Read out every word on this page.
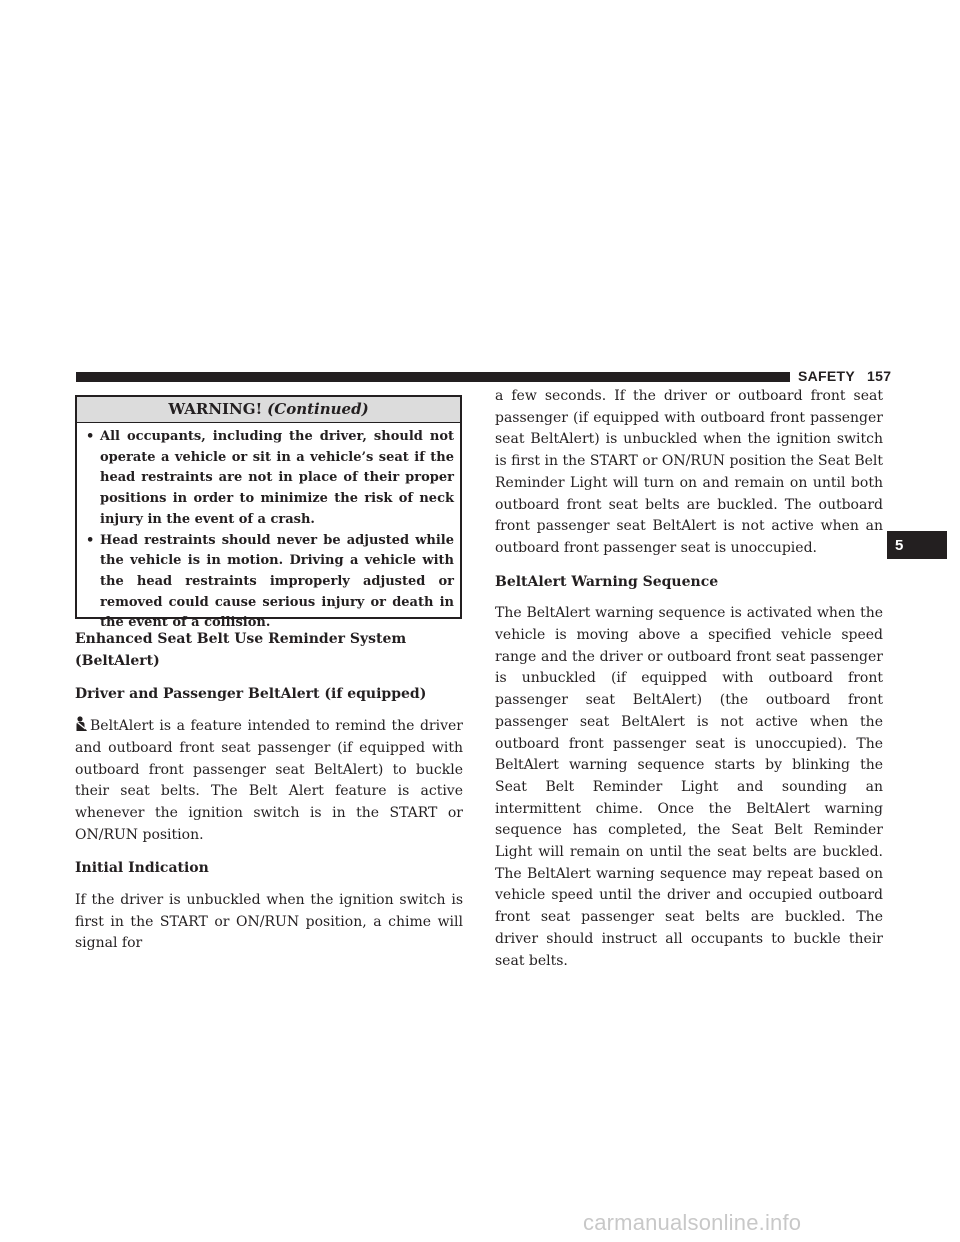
SAFETY 157
5
WARNING! (Continued)
• All occupants, including the driver, should not operate a vehicle or sit in a vehicle’s seat if the head restraints are not in place of their proper positions in order to minimize the risk of neck injury in the event of a crash.
• Head restraints should never be adjusted while the vehicle is in motion. Driving a vehicle with the head restraints improperly adjusted or removed could cause serious injury or death in the event of a collision.

Enhanced Seat Belt Use Reminder System (BeltAlert)

Driver and Passenger BeltAlert (if equipped)

BeltAlert is a feature intended to remind the driver and outboard front seat passenger (if equipped with outboard front passenger seat BeltAlert) to buckle their seat belts. The Belt Alert feature is active whenever the ignition switch is in the START or ON/RUN position.

Initial Indication

If the driver is unbuckled when the ignition switch is first in the START or ON/RUN position, a chime will signal for

a few seconds. If the driver or outboard front seat passenger (if equipped with outboard front passenger seat BeltAlert) is unbuckled when the ignition switch is first in the START or ON/RUN position the Seat Belt Reminder Light will turn on and remain on until both outboard front seat belts are buckled. The outboard front passenger seat BeltAlert is not active when an outboard front passenger seat is unoccupied.

BeltAlert Warning Sequence

The BeltAlert warning sequence is activated when the vehicle is moving above a specified vehicle speed range and the driver or outboard front seat passenger is unbuckled (if equipped with outboard front passenger seat BeltAlert) (the outboard front passenger seat BeltAlert is not active when the outboard front passenger seat is unoccupied). The BeltAlert warning sequence starts by blinking the Seat Belt Reminder Light and sounding an intermittent chime. Once the BeltAlert warning sequence has completed, the Seat Belt Reminder Light will remain on until the seat belts are buckled. The BeltAlert warning sequence may repeat based on vehicle speed until the driver and occupied outboard front seat passenger seat belts are buckled. The driver should instruct all occupants to buckle their seat belts.

carmanualsonline.info
